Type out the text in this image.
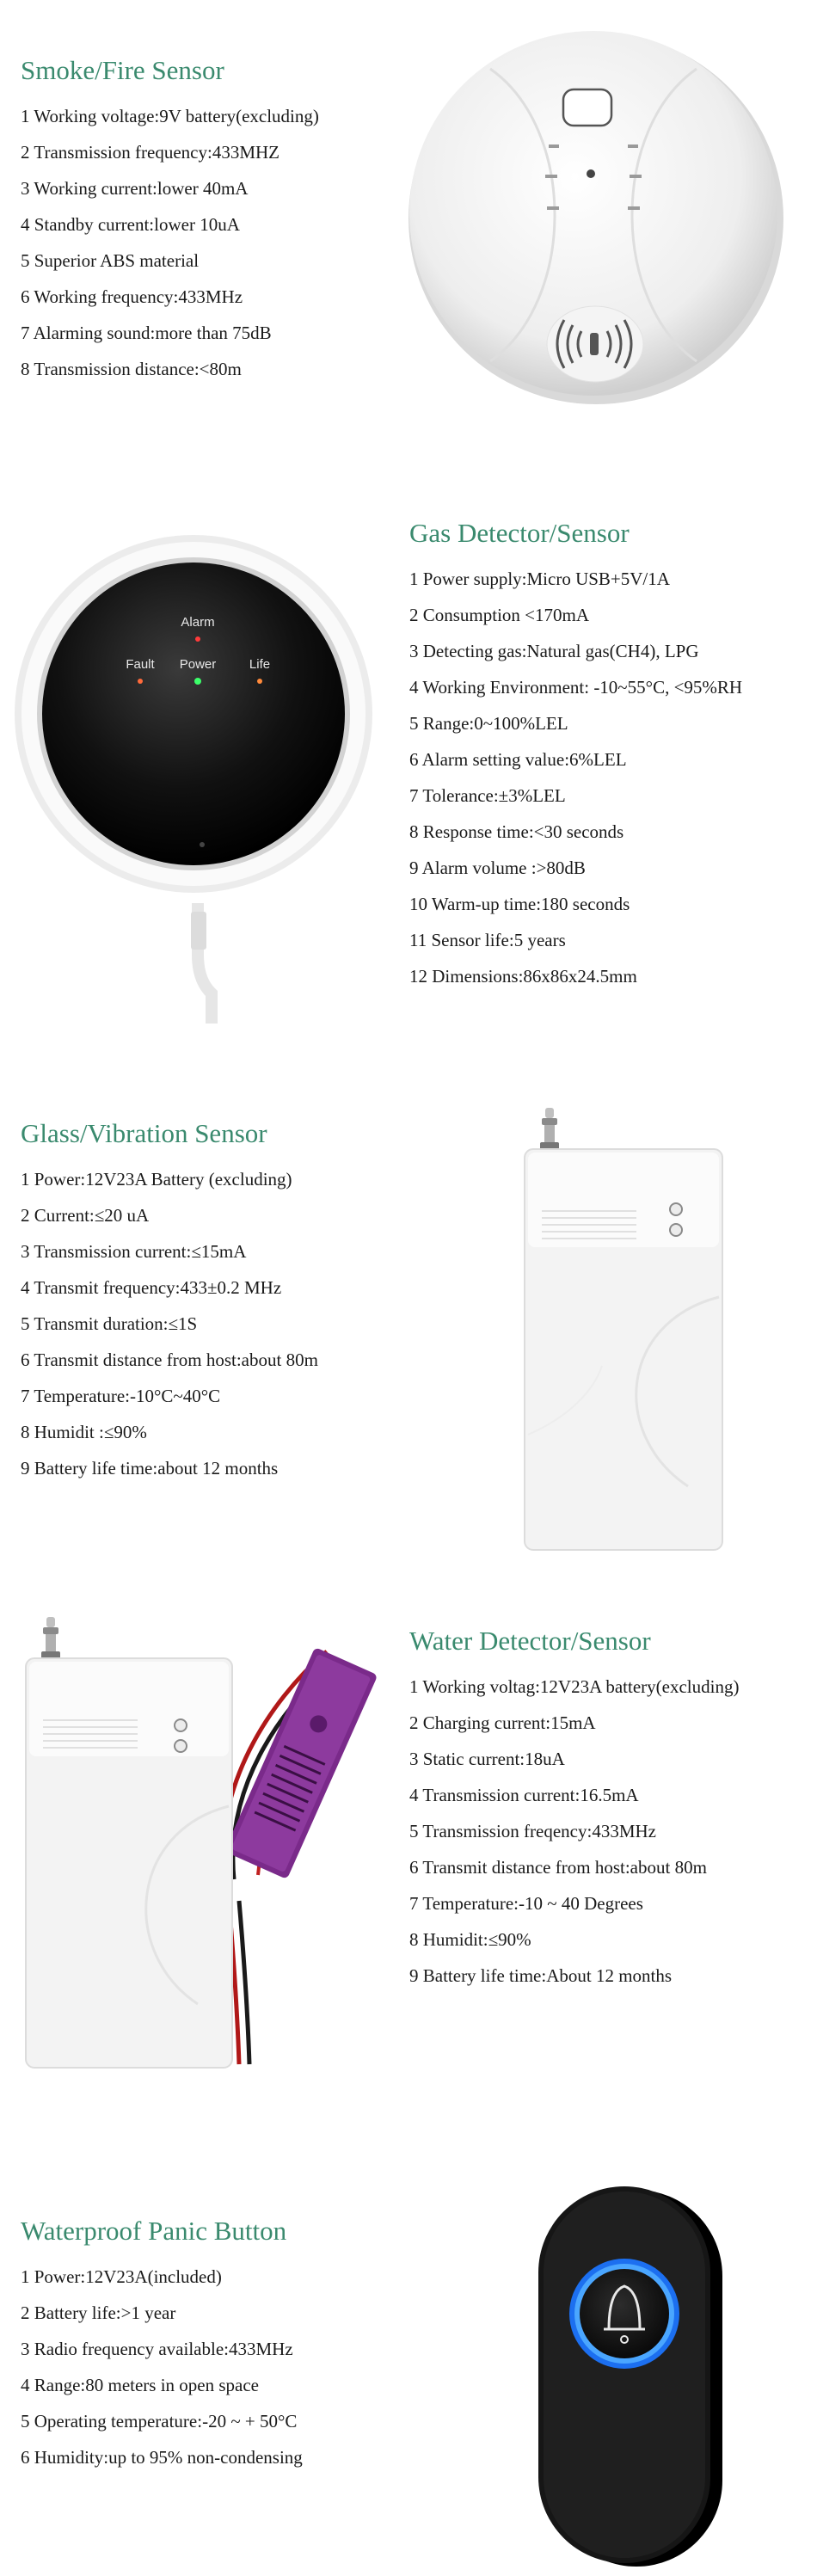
Smoke/Fire Sensor
1 Working voltage:9V battery(excluding)
2 Transmission frequency:433MHZ
3 Working current:lower 40mA
4 Standby current:lower 10uA
5 Superior ABS material
6 Working frequency:433MHz
7 Alarming sound:more than 75dB
8 Transmission distance:<80m
Gas Detector/Sensor
1 Power supply:Micro USB+5V/1A
2 Consumption <170mA
3 Detecting gas:Natural gas(CH4), LPG
4 Working Environment: -10~55°C, <95%RH
5 Range:0~100%LEL
6 Alarm setting value:6%LEL
7 Tolerance:±3%LEL
8 Response time:<30 seconds
9 Alarm volume :>80dB
10 Warm-up time:180 seconds
11 Sensor life:5 years
12 Dimensions:86x86x24.5mm
Alarm
Fault Power	Life
Glass/Vibration Sensor
1 Power:12V23A Battery (excluding)
2 Current:≤20 uA
3 Transmission current:≤15mA
4 Transmit frequency:433±0.2 MHz
5 Transmit duration:≤1S
6 Transmit distance from host:about 80m
7 Temperature:-10°C~40°C
8 Humidit :≤90%
9 Battery life time:about 12 months
Water Detector/Sensor
1 Working voltag:12V23A battery(excluding)
2 Charging current:15mA
3 Static current:18uA
4 Transmission current:16.5mA
5 Transmission freqency:433MHz
6 Transmit distance from host:about 80m
7 Temperature:-10 ~ 40 Degrees
8 Humidit:≤90%
9 Battery life time:About 12 months
Waterproof Panic Button
1 Power:12V23A(included)
2 Battery life:>1 year
3 Radio frequency available:433MHz
4 Range:80 meters in open space
5 Operating temperature:-20 ~ + 50°C
6 Humidity:up to 95% non-condensing
